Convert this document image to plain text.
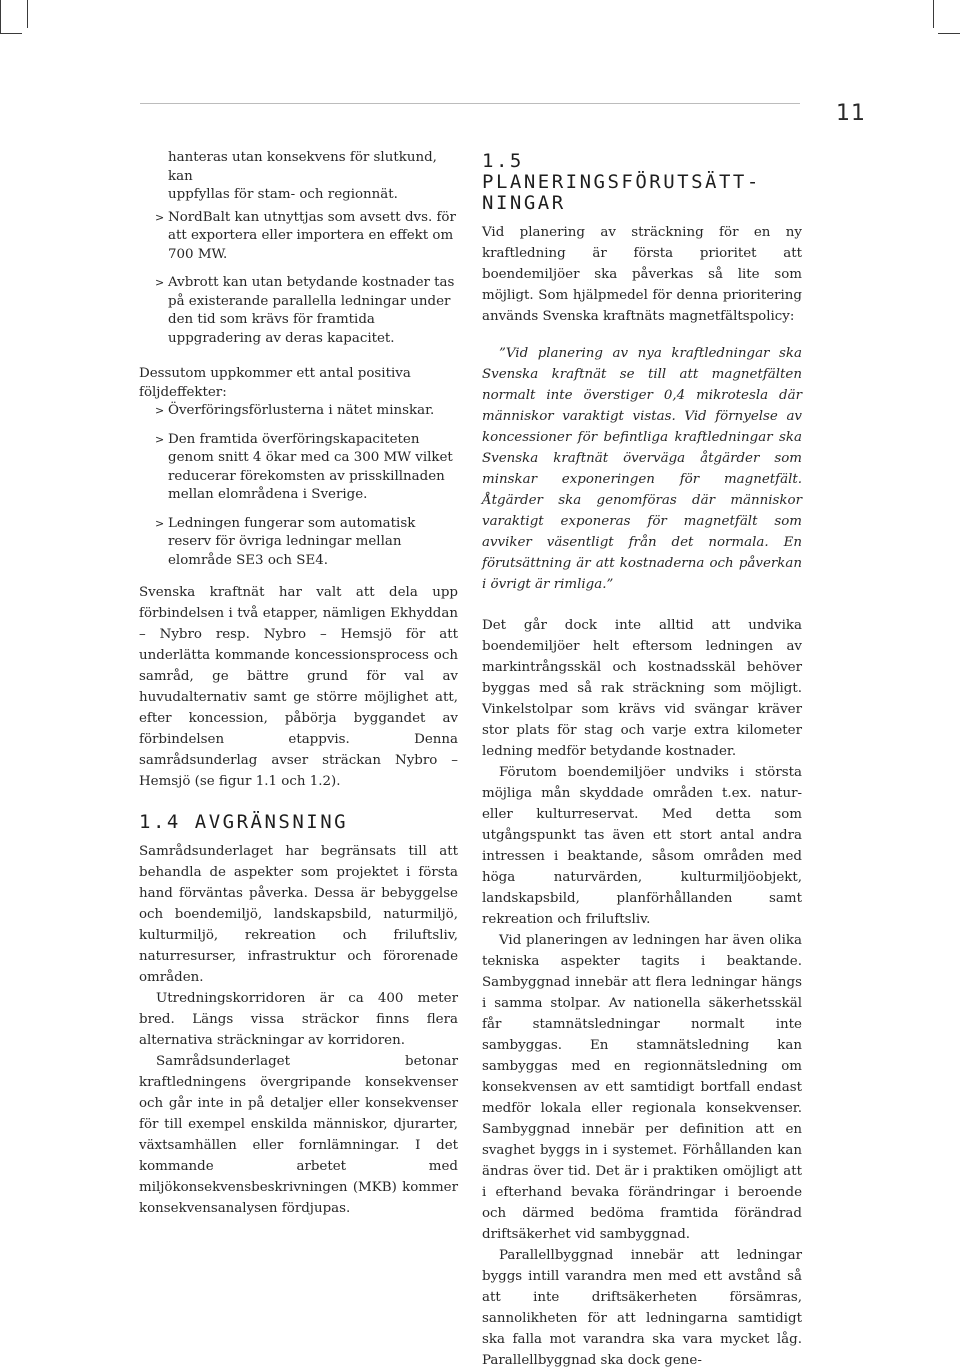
11

hanteras utan konsekvens för slutkund, kan

uppfyllas för stam- och regionnät.

> NordBalt kan utnyttjas som avsett dvs. för att exportera eller importera en effekt om 700 MW.
> Avbrott kan utan betydande kostnader tas på existerande parallella ledningar under den tid som krävs för framtida uppgradering av deras kapacitet.

Dessutom uppkommer ett antal positiva följdeffekter:

> Överföringsförlusterna i nätet minskar.
> Den framtida överföringskapaciteten genom snitt 4 ökar med ca 300 MW vilket reducerar förekomsten av prisskillnaden mellan elområdena i Sverige.
> Ledningen fungerar som automatisk reserv för övriga ledningar mellan elområde SE3 och SE4.

Svenska kraftnät har valt att dela upp förbindelsen i två etapper, nämligen Ekhyddan – Nybro resp. Nybro – Hemsjö för att underlätta kommande koncessionsprocess och samråd, ge bättre grund för val av huvudalternativ samt ge större möjlighet att, efter koncession, påbörja byggandet av förbindelsen etappvis. Denna samrådsunderlag avser sträckan Nybro – Hemsjö (se figur 1.1 och 1.2).

1.4 AVGRÄNSNING

Samrådsunderlaget har begränsats till att behandla de aspekter som projektet i första hand förväntas påverka. Dessa är bebyggelse och boendemiljö, landskapsbild, naturmiljö, kulturmiljö, rekreation och friluftsliv, naturresurser, infrastruktur och förorenade områden.

Utredningskorridoren är ca 400 meter bred. Längs vissa sträckor finns flera alternativa sträckningar av korridoren.

Samrådsunderlaget betonar kraftledningens övergripande konsekvenser och går inte in på detaljer eller konsekvenser för till exempel enskilda människor, djurarter, växtsamhällen eller fornlämningar. I det kommande arbetet med miljökonsekvensbeskrivningen (MKB) kommer konsekvensanalysen fördjupas.

1.5 PLANERINGSFÖRUTSÄTT-
NINGAR

Vid planering av sträckning för en ny kraftledning är första prioritet att boendemiljöer ska påverkas så lite som möjligt. Som hjälpmedel för denna prioritering används Svenska kraftnäts magnetfältspolicy:

”Vid planering av nya kraftledningar ska Svenska kraftnät se till att magnetfälten normalt inte överstiger 0,4 mikrotesla där människor varaktigt vistas. Vid förnyelse av koncessioner för befintliga kraftledningar ska Svenska kraftnät överväga åtgärder som minskar exponeringen för magnetfält. Åtgärder ska genomföras där människor varaktigt exponeras för magnetfält som avviker väsentligt från det normala. En förutsättning är att kostnaderna och påverkan i övrigt är rimliga.”

Det går dock inte alltid att undvika boendemiljöer helt eftersom ledningen av markintrångsskäl och kostnadsskäl behöver byggas med så rak sträckning som möjligt. Vinkelstolpar som krävs vid svängar kräver stor plats för stag och varje extra kilometer ledning medför betydande kostnader.

Förutom boendemiljöer undviks i största möjliga mån skyddade områden t.ex. natur- eller kulturreservat. Med detta som utgångspunkt tas även ett stort antal andra intressen i beaktande, såsom områden med höga naturvärden, kulturmiljöobjekt, landskapsbild, planförhållanden samt rekreation och friluftsliv.

Vid planeringen av ledningen har även olika tekniska aspekter tagits i beaktande. Sambyggnad innebär att flera ledningar hängs i samma stolpar. Av nationella säkerhetsskäl får stamnätsledningar normalt inte sambyggas. En stamnätsledning kan sambyggas med en regionnätsledning om konsekvensen av ett samtidigt bortfall endast medför lokala eller regionala konsekvenser. Sambyggnad innebär per definition att en svaghet byggs in i systemet. Förhållanden kan ändras över tid. Det är i praktiken omöjligt att i efterhand bevaka förändringar i beroende och därmed bedöma framtida förändrad driftsäkerhet vid sambyggnad.

Parallellbyggnad innebär att ledningar byggs intill varandra men med ett avstånd så att inte driftsäkerheten försämras, sannolikheten för att ledningarna samtidigt ska falla mot varandra ska vara mycket låg. Parallellbyggnad ska dock gene-
